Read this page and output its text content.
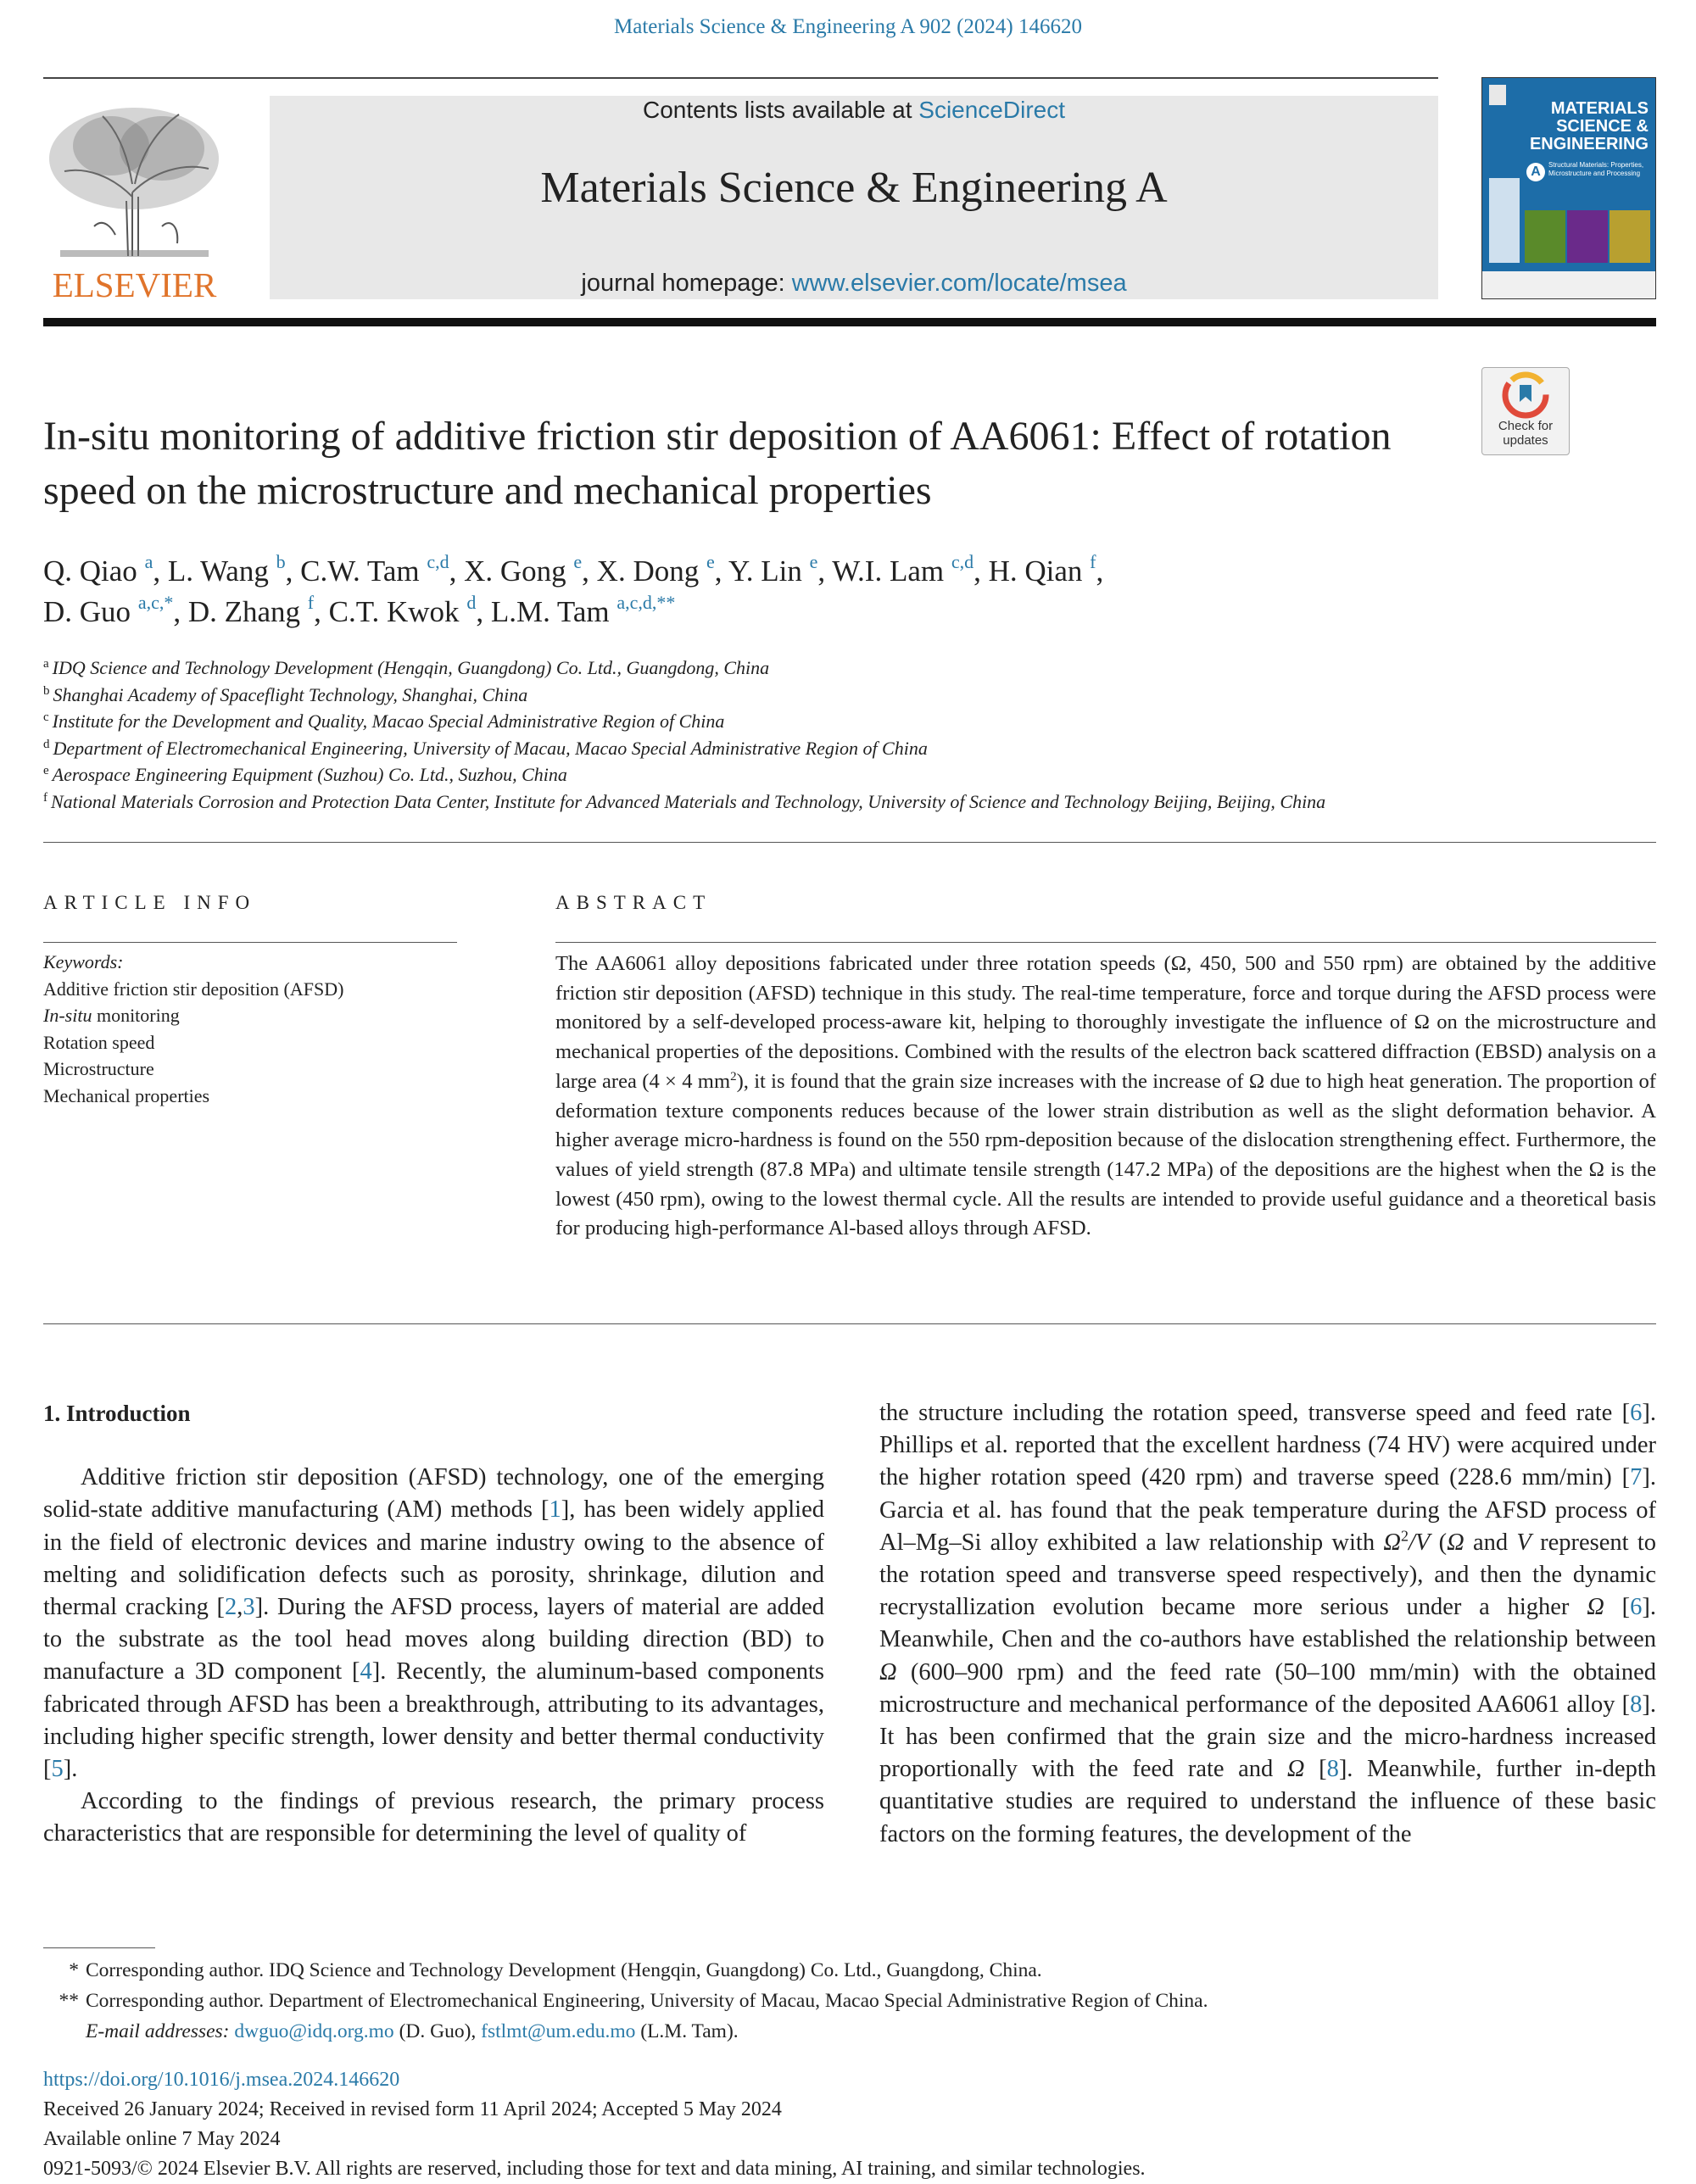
Materials Science & Engineering A 902 (2024) 146620
ELSEVIER
Contents lists available at ScienceDirect
Materials Science & Engineering A
journal homepage: www.elsevier.com/locate/msea
MATERIALS SCIENCE & ENGINEERING
A	Structural Materials: Properties, Microstructure and Processing
Check for updates
In-situ monitoring of additive friction stir deposition of AA6061: Effect of rotation speed on the microstructure and mechanical properties
Q. Qiao $^a$, L. Wang $^b$, C.W. Tam $^{c,d}$, X. Gong $^e$, X. Dong $^e$, Y. Lin $^e$, W.I. Lam $^{c,d}$, H. Qian $^f$,
D. Guo $^{a,c,*}$, D. Zhang $^f$, C.T. Kwok $^d$, L.M. Tam $^{a,c,d,**}$
$^a$ IDQ Science and Technology Development (Hengqin, Guangdong) Co. Ltd., Guangdong, China
$^b$ Shanghai Academy of Spaceflight Technology, Shanghai, China
$^c$ Institute for the Development and Quality, Macao Special Administrative Region of China
$^d$ Department of Electromechanical Engineering, University of Macau, Macao Special Administrative Region of China
$^e$ Aerospace Engineering Equipment (Suzhou) Co. Ltd., Suzhou, China
$^f$ National Materials Corrosion and Protection Data Center, Institute for Advanced Materials and Technology, University of Science and Technology Beijing, Beijing, China
ARTICLE INFO
Keywords:
Additive friction stir deposition (AFSD)
In-situ monitoring
Rotation speed
Microstructure
Mechanical properties
ABSTRACT
The AA6061 alloy depositions fabricated under three rotation speeds (Ω, 450, 500 and 550 rpm) are obtained by the additive friction stir deposition (AFSD) technique in this study. The real-time temperature, force and torque during the AFSD process were monitored by a self-developed process-aware kit, helping to thoroughly investigate the influence of Ω on the microstructure and mechanical properties of the depositions. Combined with the results of the electron back scattered diffraction (EBSD) analysis on a large area (4 × 4 $mm^2$), it is found that the grain size increases with the increase of Ω due to high heat generation. The proportion of deformation texture components reduces because of the lower strain distribution as well as the slight deformation behavior. A higher average micro-hardness is found on the 550 rpm-deposition because of the dislocation strengthening effect. Furthermore, the values of yield strength (87.8 MPa) and ultimate tensile strength (147.2 MPa) of the depositions are the highest when the Ω is the lowest (450 rpm), owing to the lowest thermal cycle. All the results are intended to provide useful guidance and a theoretical basis for producing high-performance Al-based alloys through AFSD.
1. Introduction

Additive friction stir deposition (AFSD) technology, one of the emerging solid-state additive manufacturing (AM) methods [1], has been widely applied in the field of electronic devices and marine industry owing to the absence of melting and solidification defects such as porosity, shrinkage, dilution and thermal cracking [2,3]. During the AFSD process, layers of material are added to the substrate as the tool head moves along building direction (BD) to manufacture a 3D component [4]. Recently, the aluminum-based components fabricated through AFSD has been a breakthrough, attributing to its advantages, including higher specific strength, lower density and better thermal conductivity [5].

According to the findings of previous research, the primary process characteristics that are responsible for determining the level of quality of

the structure including the rotation speed, transverse speed and feed rate [6]. Phillips et al. reported that the excellent hardness (74 HV) were acquired under the higher rotation speed (420 rpm) and traverse speed (228.6 mm/min) [7]. Garcia et al. has found that the peak temperature during the AFSD process of Al–Mg–Si alloy exhibited a law relationship with $\Omega^2/V$ (Ω and V represent to the rotation speed and transverse speed respectively), and then the dynamic recrystallization evolution became more serious under a higher Ω [6]. Meanwhile, Chen and the co-authors have established the relationship between Ω (600–900 rpm) and the feed rate (50–100 mm/min) with the obtained microstructure and mechanical performance of the deposited AA6061 alloy [8]. It has been confirmed that the grain size and the micro-hardness increased proportionally with the feed rate and Ω [8]. Meanwhile, further in-depth quantitative studies are required to understand the influence of these basic factors on the forming features, the development of the

* Corresponding author. IDQ Science and Technology Development (Hengqin, Guangdong) Co. Ltd., Guangdong, China.
** Corresponding author. Department of Electromechanical Engineering, University of Macau, Macao Special Administrative Region of China.
E-mail addresses: dwguo@idq.org.mo (D. Guo), fstlmt@um.edu.mo (L.M. Tam).
https://doi.org/10.1016/j.msea.2024.146620
Received 26 January 2024; Received in revised form 11 April 2024; Accepted 5 May 2024
Available online 7 May 2024
0921-5093/© 2024 Elsevier B.V. All rights are reserved, including those for text and data mining, AI training, and similar technologies.
